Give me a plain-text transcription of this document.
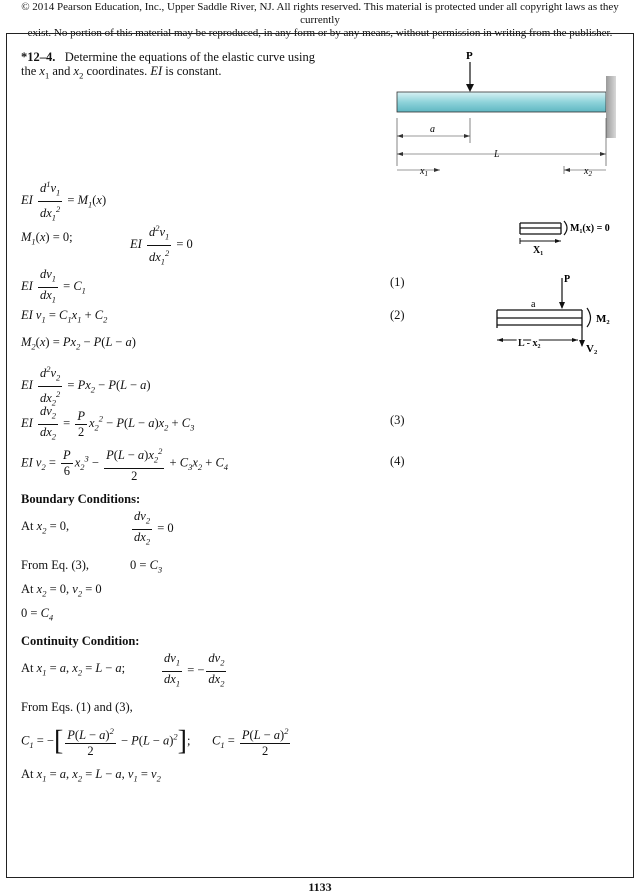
© 2014 Pearson Education, Inc., Upper Saddle River, NJ. All rights reserved. This material is protected under all copyright laws as they currently
exist. No portion of this material may be reproduced, in any form or by any means, without permission in writing from the publisher.
*12–4. Determine the equations of the elastic curve using
the $x_1$ and $x_2$ coordinates. EI is constant.
P
a
L
$x_1$	$x_2$
M₁(x) = 0
X₁
P
a
M₂
V₂
L - x₂
EI $\frac{d^1v_1}{dx_1^2} = M_1(x)$
$M_1(x) = 0$;
EI $\frac{d^2v_1}{dx_1^2} = 0$
EI $\frac{dv_1}{dx_1} = C_1$
(1)
EI $v_1 = C_1x_1 + C_2$	(2)
$M_2(x) = Px_2 - P(L - a)$
EI $\frac{d^2v_2}{dx_2^2} = Px_2 - P(L - a)$
EI $\frac{dv_2}{dx_2} = \frac{P}{2} x_2^2 - P(L - a)x_2 + C_3$
(3)
EI $v_2 = \frac{P}{6} x_2^3 - \frac{P(L - a)x_2^2}{2} + C_3x_2 + C_4$	(4)
Boundary Conditions:
At $x_2 = 0$,	$\frac{dv_2}{dx_2} = 0$
From Eq. (3),	$0 = C_3$
At $x_2 = 0$, $v_2 = 0$
$0 = C_4$
Continuity Condition:
At $x_1 = a$, $x_2 = L - a$;	$\frac{dv_1}{dx_1}$ = − $\frac{dv_2}{dx_2}$
From Eqs. (1) and (3),
$C_1$ = −[ $\frac{P(L - a)^2}{2} - P(L - a)^2$]; $C_1 = \frac{P(L - a)^2}{2}$
At $x_1 = a$, $x_2 = L - a$, $v_1 = v_2$
1133
